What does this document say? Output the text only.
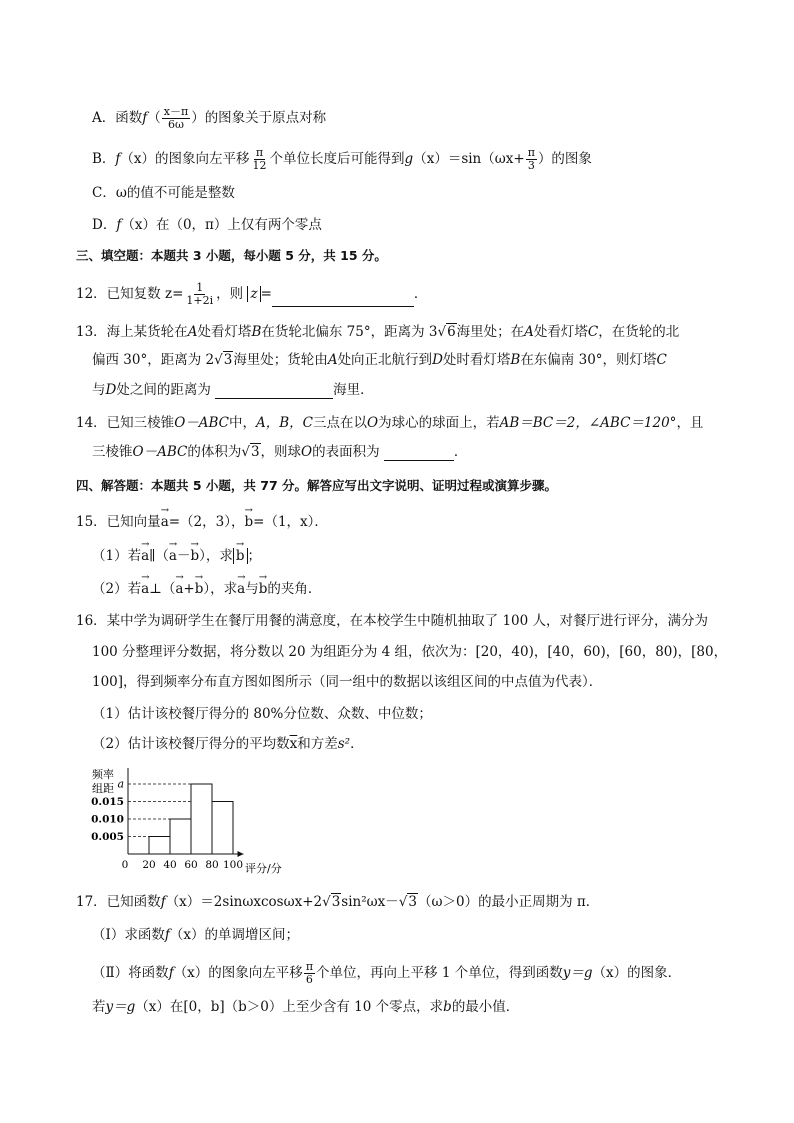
A．函数$f( \frac{x-\pi}{6\omega}$ ）的图象关于原点对称
B．f（x）的图象向左平移 $\frac{\pi}{12}$ 个单位长度后可能得到$g(x)=\sin(\omega x+ \frac{\pi}{3}$ ）的图象
C．ω的值不可能是整数
D．f（x）在（0，π）上仅有两个零点
三、填空题：本题共 3 小题，每小题 5 分，共 15 分。
12．已知复数 $z= \frac{1}{1+2i}$ ，则 z =	．
13．海上某货轮在A处看灯塔B在货轮北偏东 75°，距离为 3√6海里处；在A处看灯塔C，在货轮的北
偏西 30°，距离为 2√3海里处；货轮由A处向正北航行到D处时看灯塔B在东偏南 30°，则灯塔C
与D处之间的距离为	海里．
14．已知三棱锥O－ABC中，A，B，C三点在以O为球心的球面上，若AB＝BC＝2，∠ABC＝120°，且
三棱锥O－ABC的体积为√3，则球O的表面积为	．
四、解答题：本题共 5 小题，共 77 分。解答应写出文字说明、证明过程或演算步骤。
15．已知向量→ a=（2，3），→ b=（1，x）．
（1）若→ a∥（→ a－→ b），求 → b ；
（2）若→ a⊥（→ a+→ b），求→ a与→ b的夹角．
16．某中学为调研学生在餐厅用餐的满意度，在本校学生中随机抽取了 100 人，对餐厅进行评分，满分为
100 分整理评分数据，将分数以 20 为组距分为 4 组，依次为：[20，40)，[40，60)，[60，80)，[80，
100]，得到频率分布直方图如图所示（同一组中的数据以该组区间的中点值为代表）．
（1）估计该校餐厅得分的 80%分位数、众数、中位数；
（2）估计该校餐厅得分的平均数$\overline{x}$和方差s²．
频率
组距 a
0.015
0.010
0.005
0 20 40 60 80 100 评分/分
17．已知函数f（x）＝2sinωxcosωx+2√3sin²ωx－√3（ω＞0）的最小正周期为 π．
（Ⅰ）求函数f（x）的单调增区间；
（Ⅱ）将函数f（x）的图象向左平移 $\frac{\pi}{6}$ 个单位，再向上平移 1 个单位，得到函数y＝g（x）的图象．
若y＝g（x）在[0，b]（b＞0）上至少含有 10 个零点，求b的最小值．
